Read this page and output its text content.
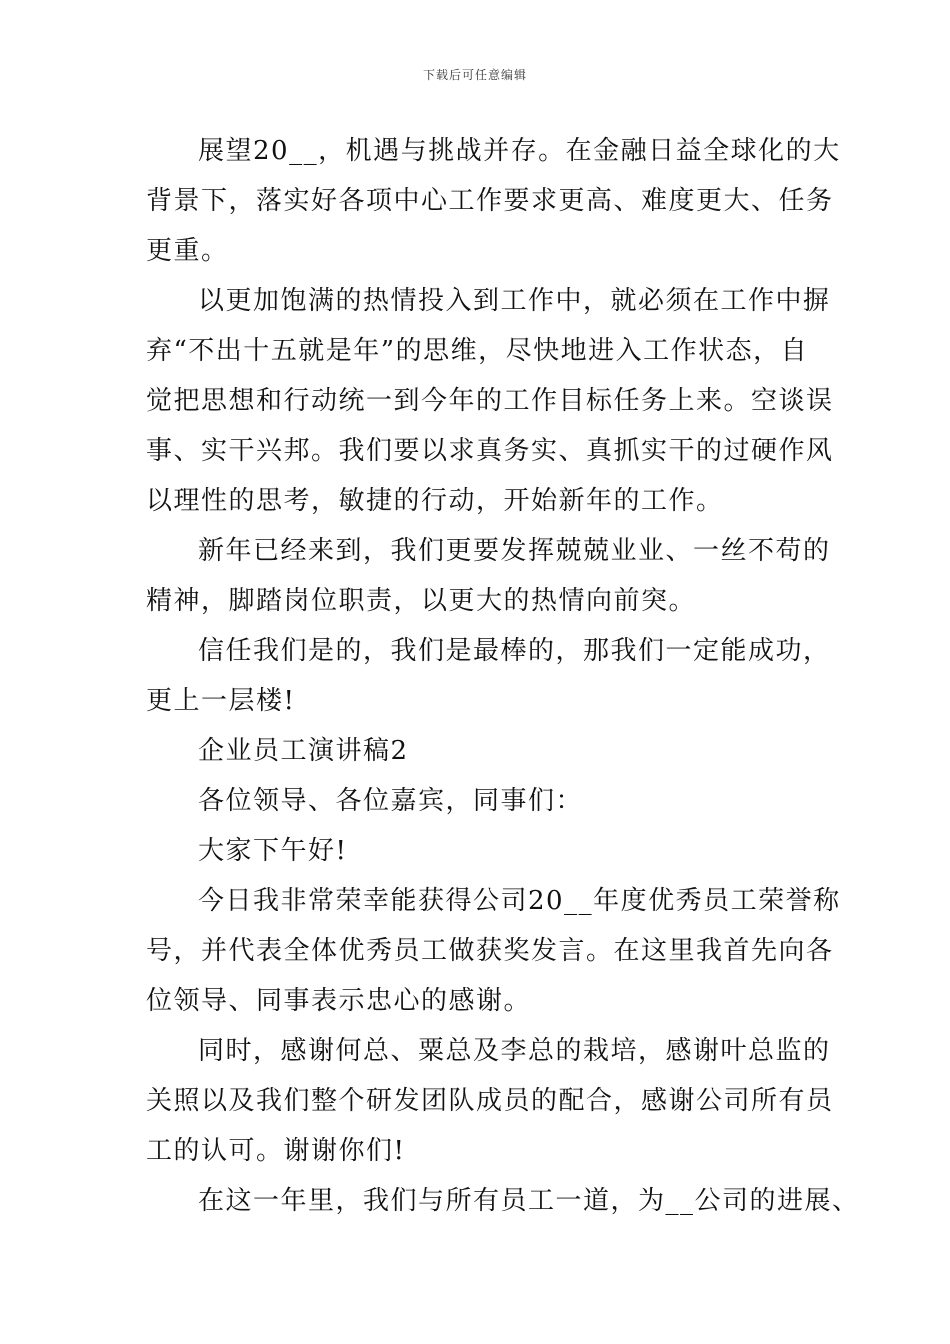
下载后可任意编辑
展望20__，机遇与挑战并存。在金融日益全球化的大
背景下，落实好各项中心工作要求更高、难度更大、任务
更重。
以更加饱满的热情投入到工作中，就必须在工作中摒
弃“不出十五就是年”的思维，尽快地进入工作状态，自
觉把思想和行动统一到今年的工作目标任务上来。空谈误
事、实干兴邦。我们要以求真务实、真抓实干的过硬作风
以理性的思考，敏捷的行动，开始新年的工作。
新年已经来到，我们更要发挥兢兢业业、一丝不苟的
精神，脚踏岗位职责，以更大的热情向前突。
信任我们是的，我们是最棒的，那我们一定能成功，
更上一层楼!
企业员工演讲稿2
各位领导、各位嘉宾，同事们：
大家下午好!
今日我非常荣幸能获得公司20__年度优秀员工荣誉称
号，并代表全体优秀员工做获奖发言。在这里我首先向各
位领导、同事表示忠心的感谢。
同时，感谢何总、粟总及李总的栽培，感谢叶总监的
关照以及我们整个研发团队成员的配合，感谢公司所有员
工的认可。谢谢你们!
在这一年里，我们与所有员工一道，为__公司的进展、
